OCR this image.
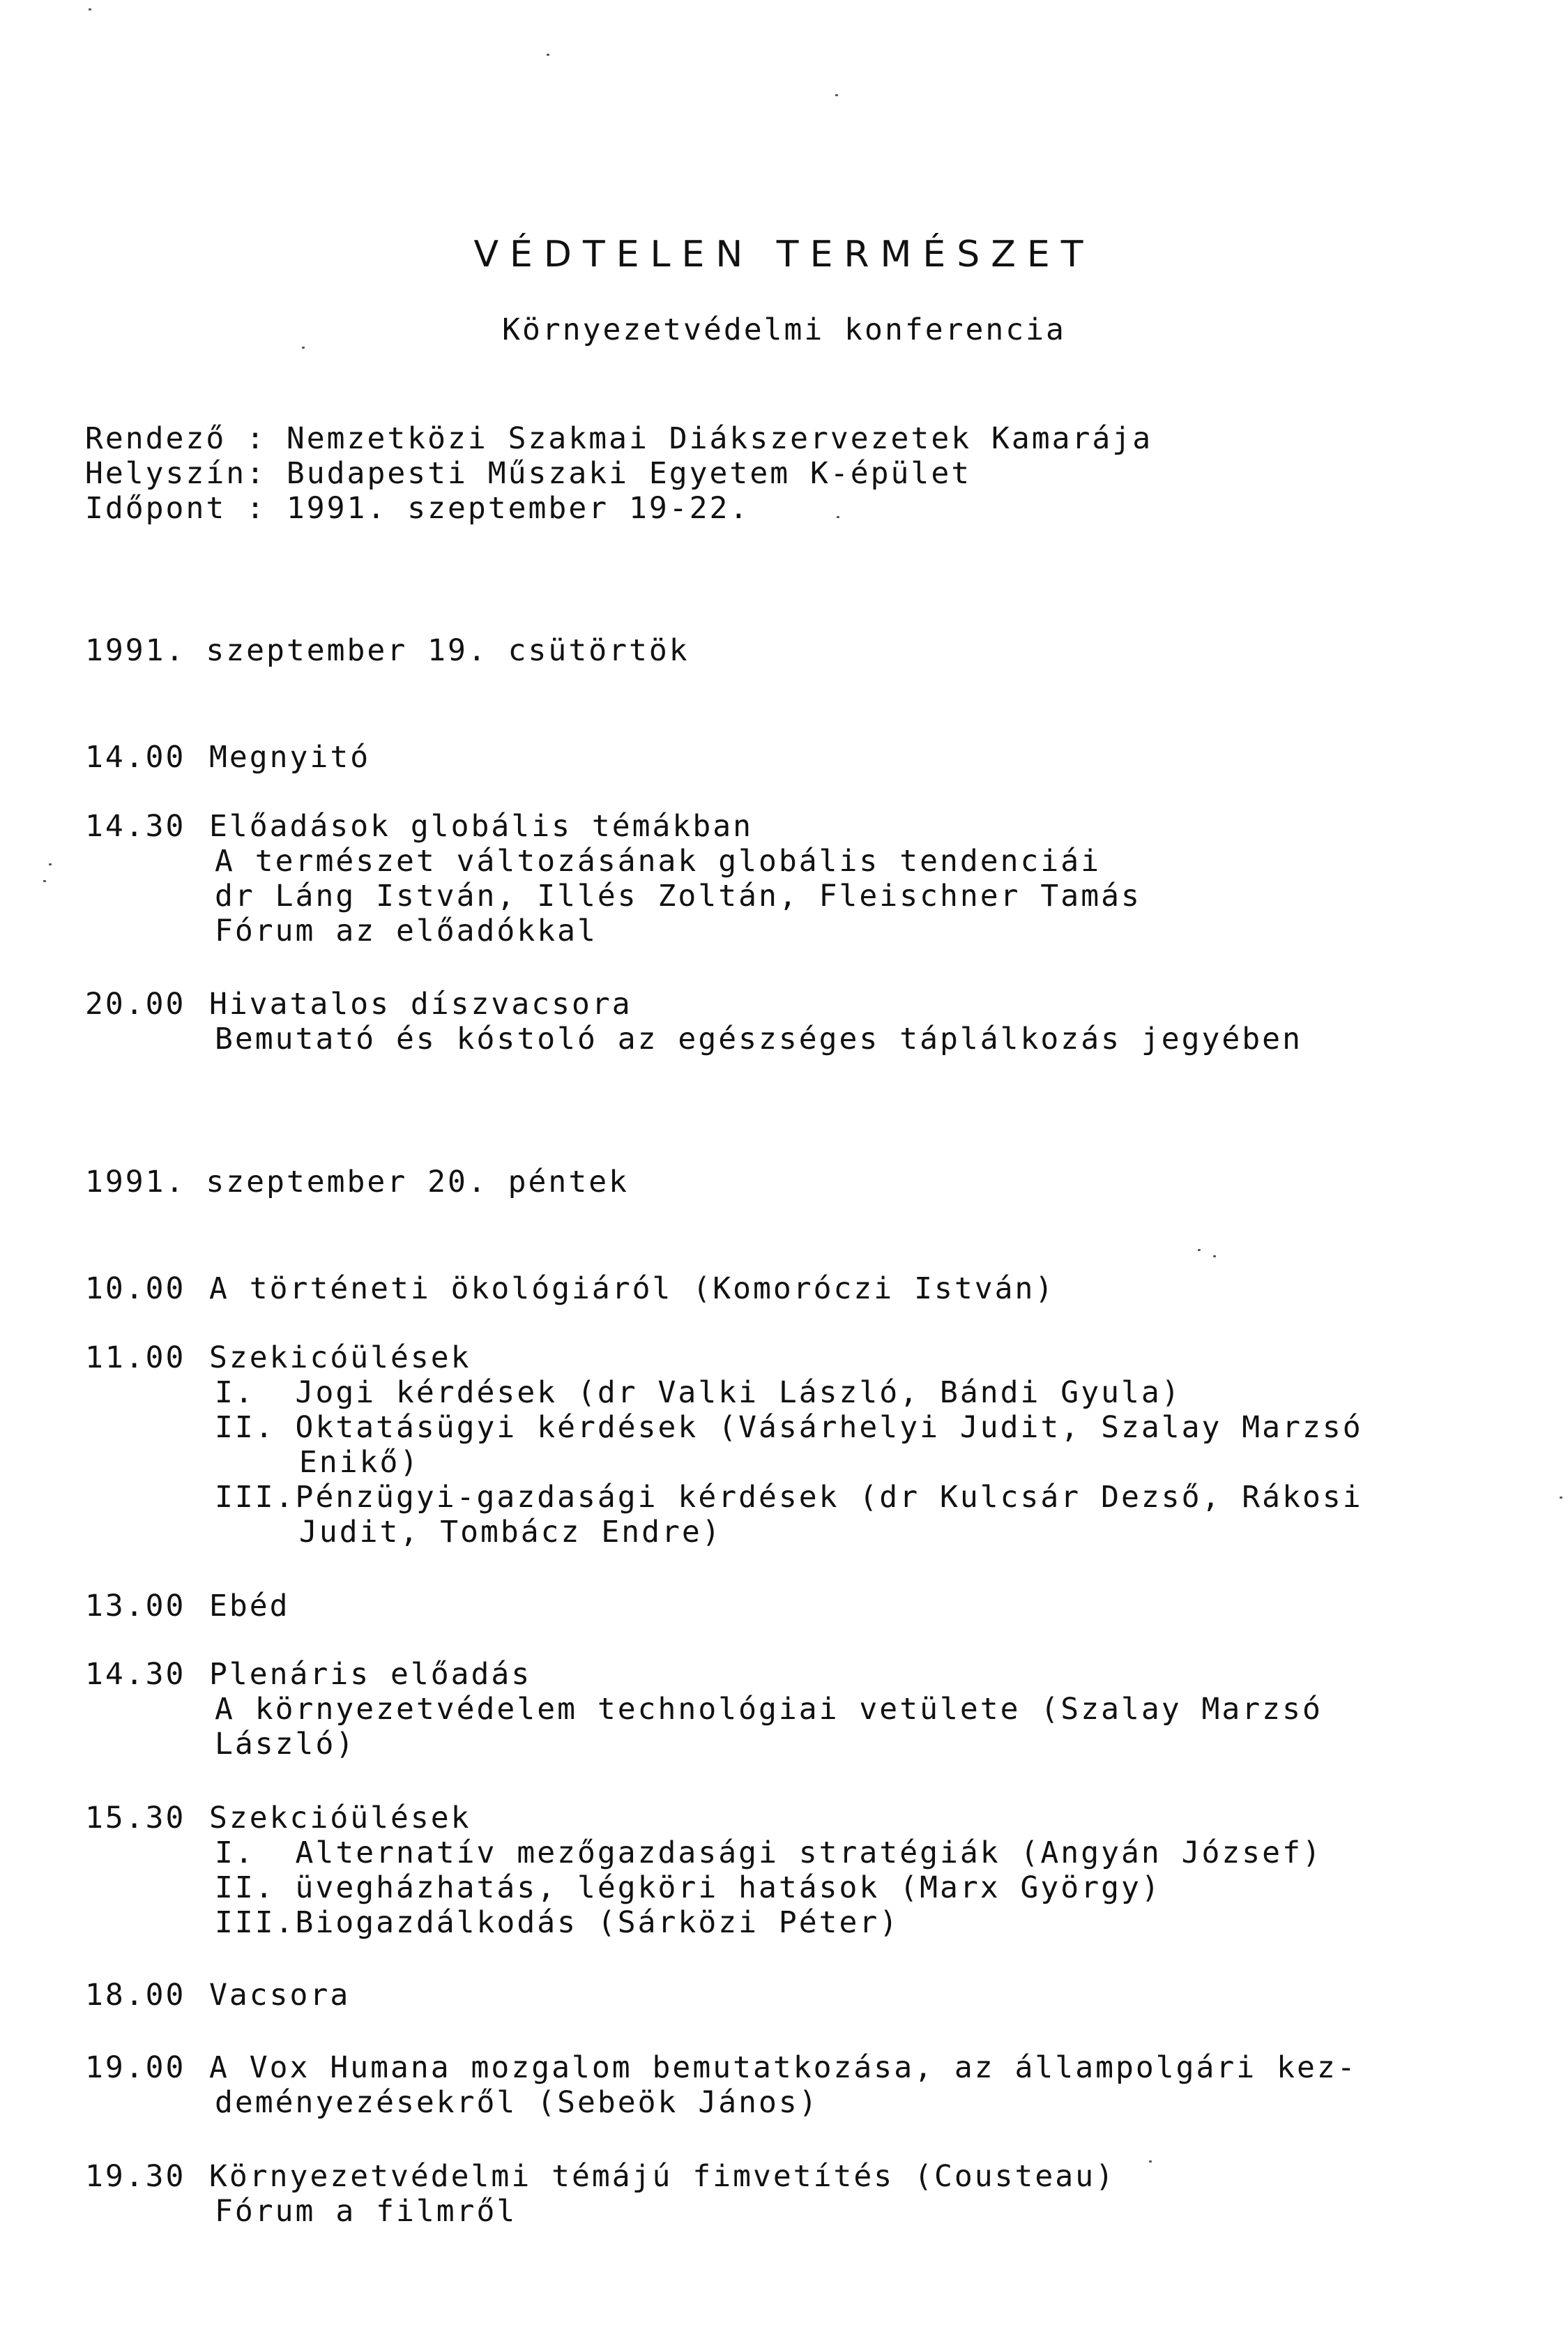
VÉDTELEN TERMÉSZET
Környezetvédelmi konferencia
Rendező : Nemzetközi Szakmai Diákszervezetek Kamarája
Helyszín: Budapesti Műszaki Egyetem K-épület
Időpont : 1991. szeptember 19-22.
1991. szeptember 19. csütörtök
14.00 Megnyitó
14.30 Előadások globális témákban
A természet változásának globális tendenciái
dr Láng István, Illés Zoltán, Fleischner Tamás
Fórum az előadókkal
20.00 Hivatalos díszvacsora
Bemutató és kóstoló az egészséges táplálkozás jegyében
1991. szeptember 20. péntek
10.00 A történeti ökológiáról (Komoróczi István)
11.00 Szekicóülések
I.  Jogi kérdések (dr Valki László, Bándi Gyula)
II. Oktatásügyi kérdések (Vásárhelyi Judit, Szalay Marzsó
Enikő)
III.Pénzügyi-gazdasági kérdések (dr Kulcsár Dezső, Rákosi
Judit, Tombácz Endre)
13.00 Ebéd
14.30 Plenáris előadás
A környezetvédelem technológiai vetülete (Szalay Marzsó
László)
15.30 Szekcióülések
I.  Alternatív mezőgazdasági stratégiák (Angyán József)
II. üvegházhatás, légköri hatások (Marx György)
III.Biogazdálkodás (Sárközi Péter)
18.00 Vacsora
19.00 A Vox Humana mozgalom bemutatkozása, az állampolgári kez-
deményezésekről (Sebeök János)
19.30 Környezetvédelmi témájú fimvetítés (Cousteau)
Fórum a filmről
